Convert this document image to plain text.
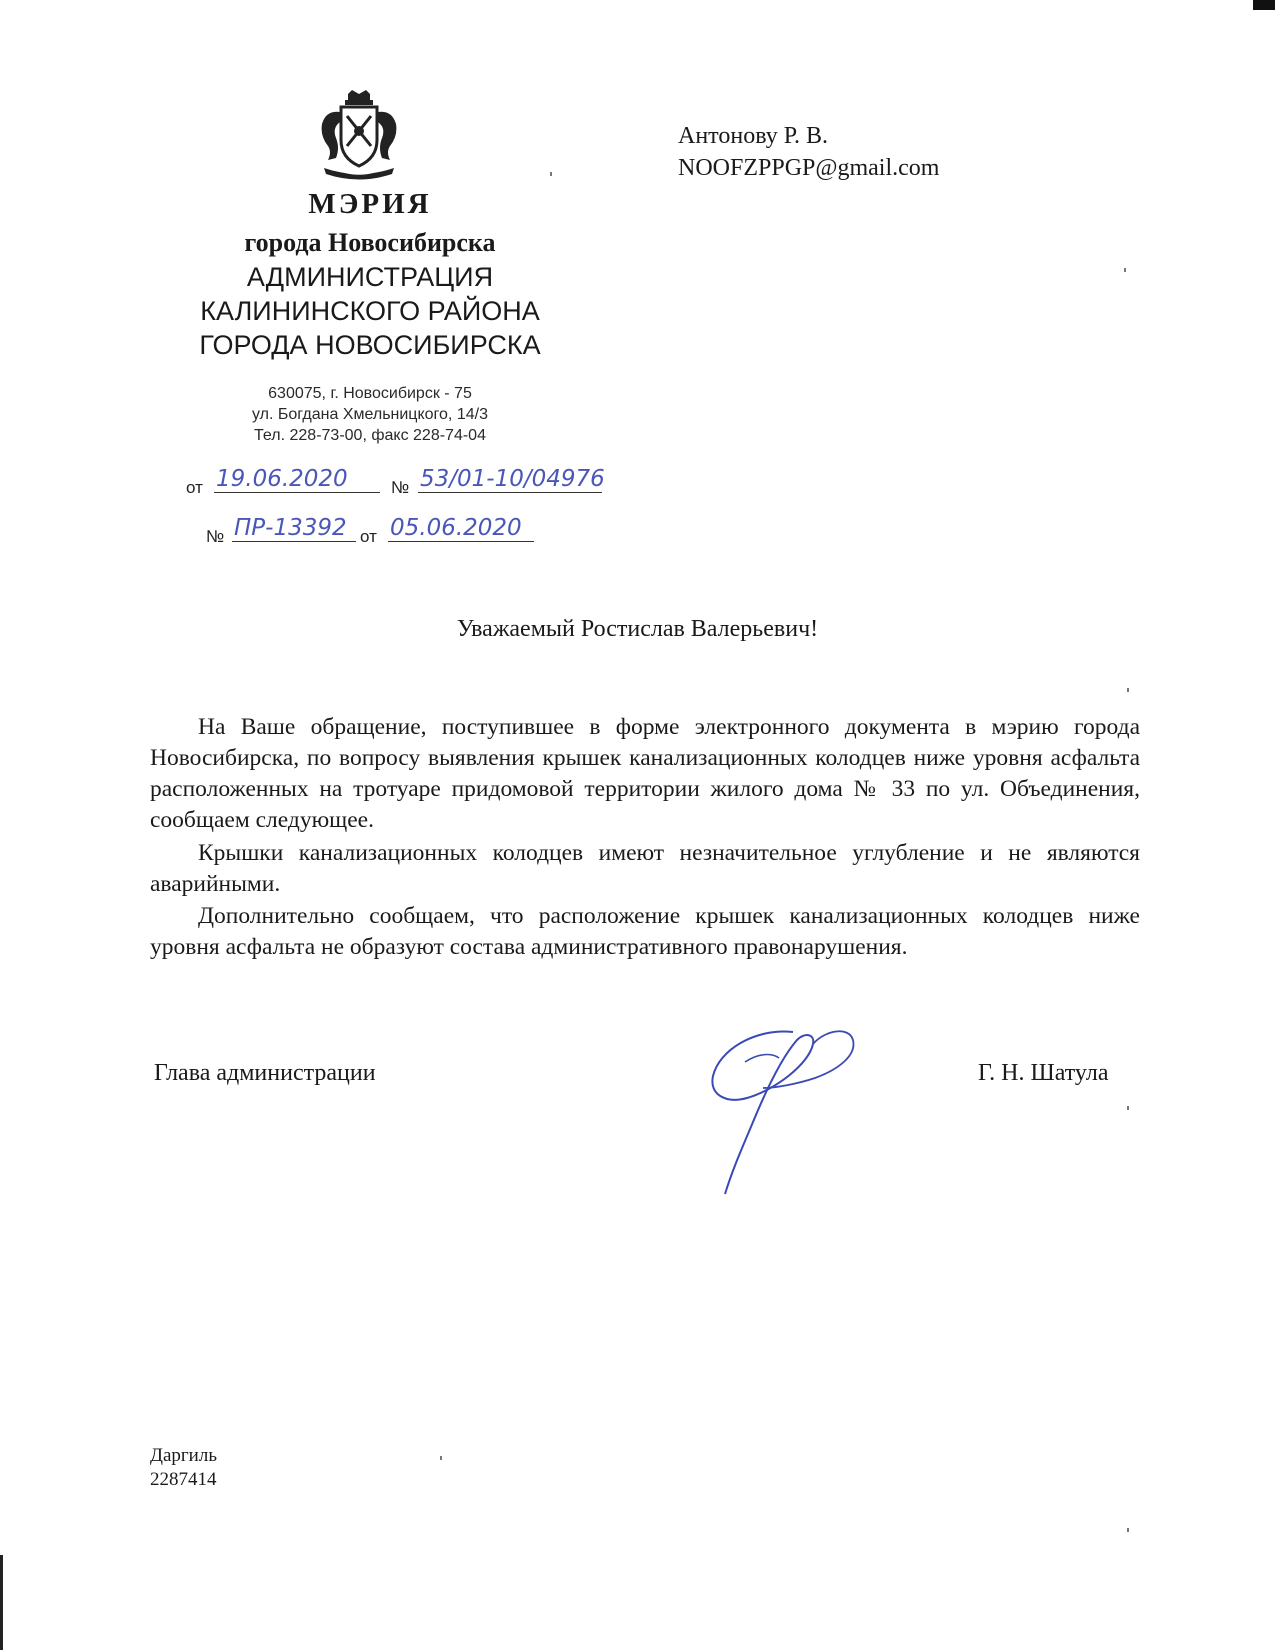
МЭРИЯ

города Новосибирска

АДМИНИСТРАЦИЯ

КАЛИНИНСКОГО РАЙОНА

ГОРОДА НОВОСИБИРСКА

630075, г. Новосибирск - 75

ул. Богдана Хмельницкого, 14/3

Тел. 228-73-00, факс 228-74-04

от 19.06.2020	№ 53/01-10/04976
№ ПР-13392 от 05.06.2020

Антонову Р. В.
NOOFZPPGP@gmail.com

Уважаемый Ростислав Валерьевич!

На Ваше обращение, поступившее в форме электронного документа в мэрию города Новосибирска, по вопросу выявления крышек канализационных колодцев ниже уровня асфальта расположенных на тротуаре придомовой территории жилого дома № 33 по ул. Объединения, сообщаем следующее.

Крышки канализационных колодцев имеют незначительное углубление и не являются аварийными.

Дополнительно сообщаем, что расположение крышек канализационных колодцев ниже уровня асфальта не образуют состава административного правонарушения.

Глава администрации	Г. Н. Шатула

Даргиль

2287414
